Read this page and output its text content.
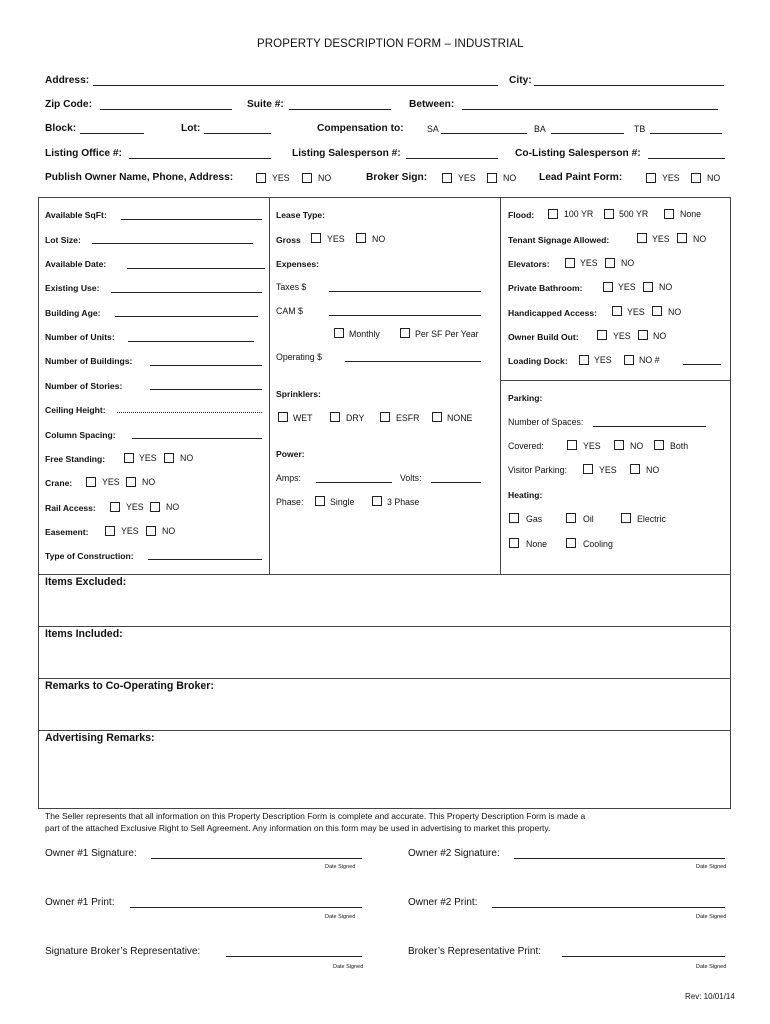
PROPERTY DESCRIPTION FORM – INDUSTRIAL
Address:	City:
Zip Code:	Suite #:	Between:
Block:	Lot:	Compensation to:	SA	BA	TB
Listing Office #:	Listing Salesperson #:	Co-Listing Salesperson #:
Publish Owner Name, Phone, Address:	YES	NO	Broker Sign:	YES	NO Lead Paint Form:	YES	NO
Available SqFt:
Lot Size:
Available Date:
Existing Use:
Building Age:
Number of Units:
Number of Buildings:
Number of Stories:
Ceiling Height:
Column Spacing:
Free Standing:	YES	NO
Crane:	YES	NO
Rail Access:	YES	NO
Easement:	YES	NO
Type of Construction:
Lease Type:
Gross	YES	NO
Expenses:
Taxes $
CAM $
Monthly	Per SF Per Year
Operating $
Sprinklers:
WET	DRY	ESFR	NONE
Power:
Amps:	Volts:
Phase:	Single	3 Phase
Flood:	100 YR	500 YR	None
Tenant Signage Allowed:	YES	NO
Elevators:	YES	NO
Private Bathroom:	YES	NO
Handicapped Access:	YES	NO
Owner Build Out:	YES	NO
Loading Dock:	YES	NO #
Parking:
Number of Spaces:
Covered:	YES	NO	Both
Visitor Parking:	YES	NO
Heating:
Gas	Oil	Electric
None	Cooling
Items Excluded:
Items Included:
Remarks to Co-Operating Broker:
Advertising Remarks:
The Seller represents that all information on this Property Description Form is complete and accurate. This Property Description Form is made a
part of the attached Exclusive Right to Sell Agreement. Any information on this form may be used in advertising to market this property.
Owner #1 Signature:
Date Signed
Owner #2 Signature:
Date Signed
Owner #1 Print:
Date Signed
Owner #2 Print:
Date Signed
Signature Broker’s Representative:
Date Signed
Broker’s Representative Print:
Date Signed
Rev: 10/01/14
